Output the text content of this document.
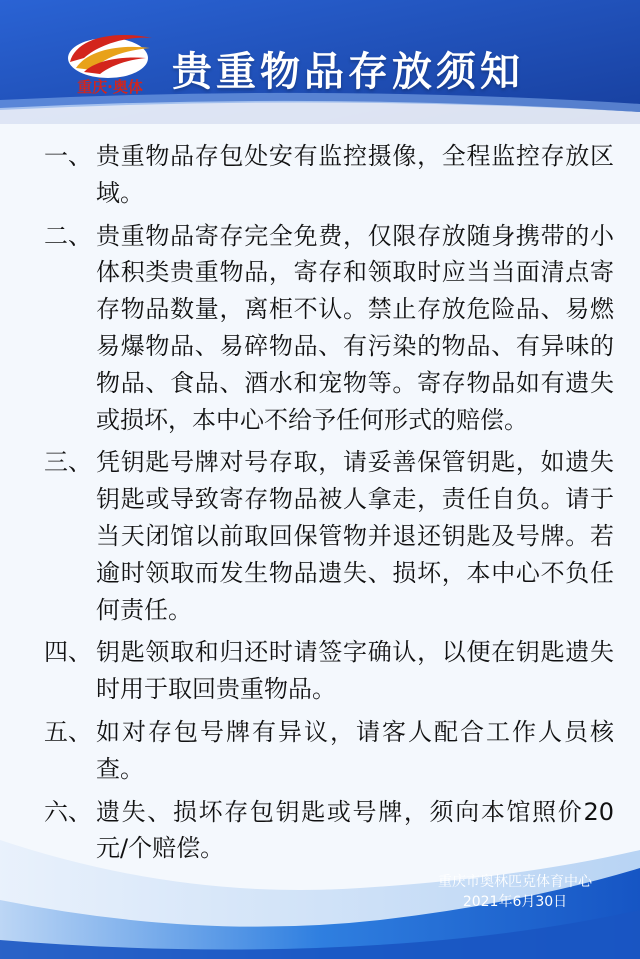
重庆·奥体 贵重物品存放须知
一、 贵重物品存包处安有监控摄像，全程监控存放区域。
二、 贵重物品寄存完全免费，仅限存放随身携带的小体积类贵重物品，寄存和领取时应当当面清点寄存物品数量，离柜不认。禁止存放危险品、易燃易爆物品、易碎物品、有污染的物品、有异味的物品、食品、酒水和宠物等。寄存物品如有遗失或损坏，本中心不给予任何形式的赔偿。
三、 凭钥匙号牌对号存取，请妥善保管钥匙，如遗失钥匙或导致寄存物品被人拿走，责任自负。请于当天闭馆以前取回保管物并退还钥匙及号牌。若逾时领取而发生物品遗失、损坏，本中心不负任何责任。
四、 钥匙领取和归还时请签字确认，以便在钥匙遗失时用于取回贵重物品。
五、 如对存包号牌有异议，请客人配合工作人员核查。
六、 遗失、损坏存包钥匙或号牌，须向本馆照价20元/个赔偿。
重庆市奥林匹克体育中心
2021年6月30日
